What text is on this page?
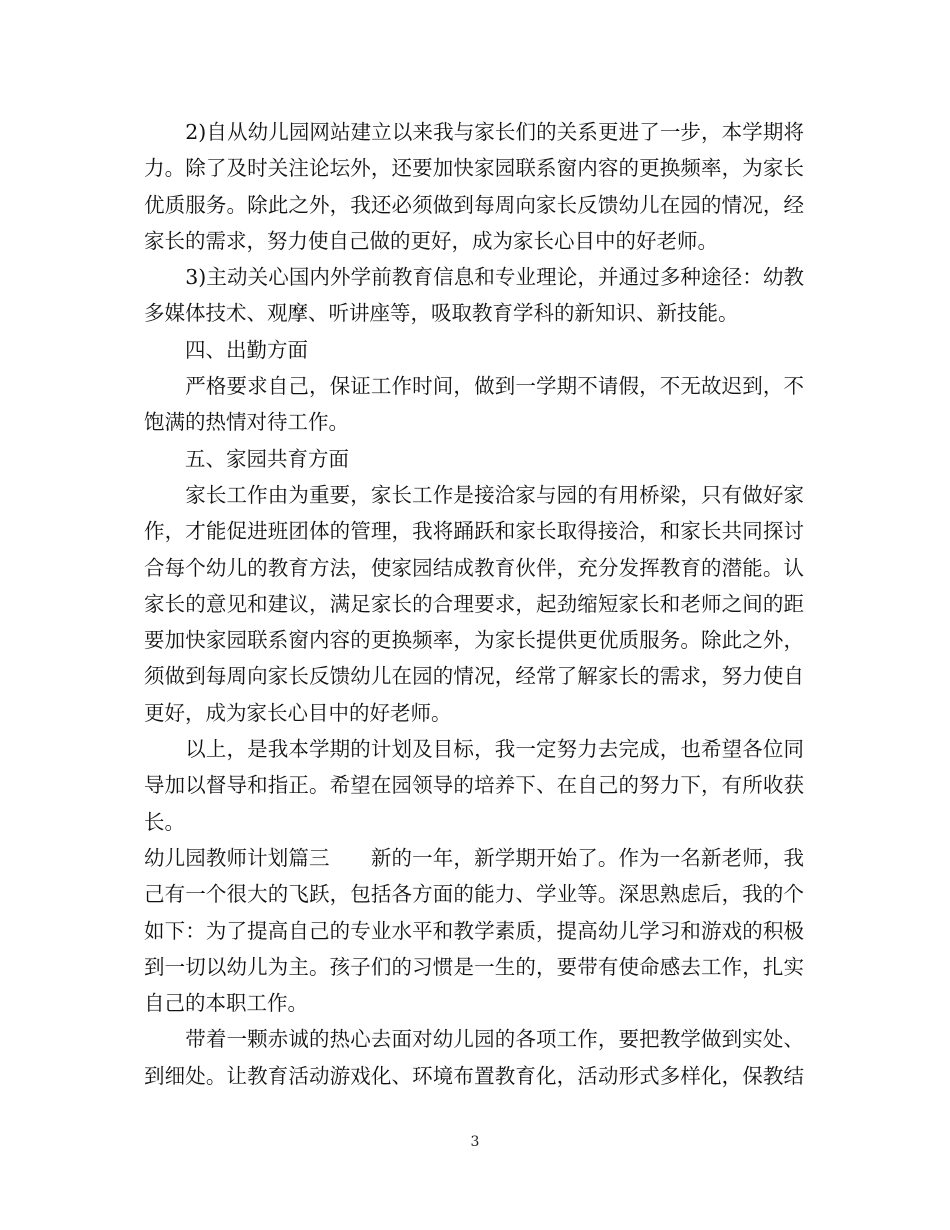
　　2)自从幼儿园网站建立以来我与家长们的关系更进了一步，本学期将
力。除了及时关注论坛外，还要加快家园联系窗内容的更换频率，为家长
优质服务。除此之外，我还必须做到每周向家长反馈幼儿在园的情况，经
家长的需求，努力使自己做的更好，成为家长心目中的好老师。
　　3)主动关心国内外学前教育信息和专业理论，并通过多种途径：幼教
多媒体技术、观摩、听讲座等，吸取教育学科的新知识、新技能。
　　四、出勤方面
　　严格要求自己，保证工作时间，做到一学期不请假，不无故迟到，不
饱满的热情对待工作。
　　五、家园共育方面
　　家长工作由为重要，家长工作是接洽家与园的有用桥梁，只有做好家
作，才能促进班团体的管理，我将踊跃和家长取得接洽，和家长共同探讨
合每个幼儿的教育方法，使家园结成教育伙伴，充分发挥教育的潜能。认
家长的意见和建议，满足家长的合理要求，起劲缩短家长和老师之间的距
要加快家园联系窗内容的更换频率，为家长提供更优质服务。除此之外，
须做到每周向家长反馈幼儿在园的情况，经常了解家长的需求，努力使自
更好，成为家长心目中的好老师。
　　以上，是我本学期的计划及目标，我一定努力去完成，也希望各位同
导加以督导和指正。希望在园领导的培养下、在自己的努力下，有所收获
长。
幼儿园教师计划篇三　　新的一年，新学期开始了。作为一名新老师，我
己有一个很大的飞跃，包括各方面的能力、学业等。深思熟虑后，我的个
如下：为了提高自己的专业水平和教学素质，提高幼儿学习和游戏的积极
到一切以幼儿为主。孩子们的习惯是一生的，要带有使命感去工作，扎实
自己的本职工作。
　　带着一颗赤诚的热心去面对幼儿园的各项工作，要把教学做到实处、
到细处。让教育活动游戏化、环境布置教育化，活动形式多样化，保教结
3
